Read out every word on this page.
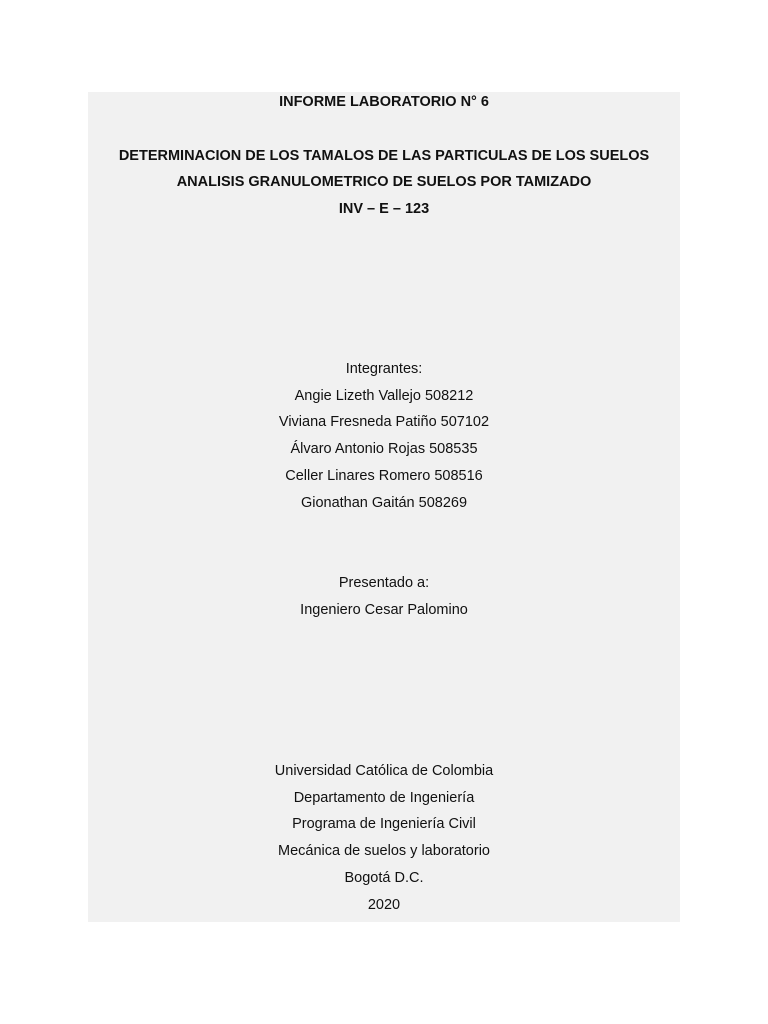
INFORME LABORATORIO N° 6
DETERMINACION DE LOS TAMALOS DE LAS PARTICULAS DE LOS SUELOS
ANALISIS GRANULOMETRICO DE SUELOS POR TAMIZADO
INV – E – 123
Integrantes:
Angie Lizeth Vallejo 508212
Viviana Fresneda Patiño 507102
Álvaro Antonio Rojas 508535
Celler Linares Romero 508516
Gionathan Gaitán 508269
Presentado a:
Ingeniero Cesar Palomino
Universidad Católica de Colombia
Departamento de Ingeniería
Programa de Ingeniería Civil
Mecánica de suelos y laboratorio
Bogotá D.C.
2020
